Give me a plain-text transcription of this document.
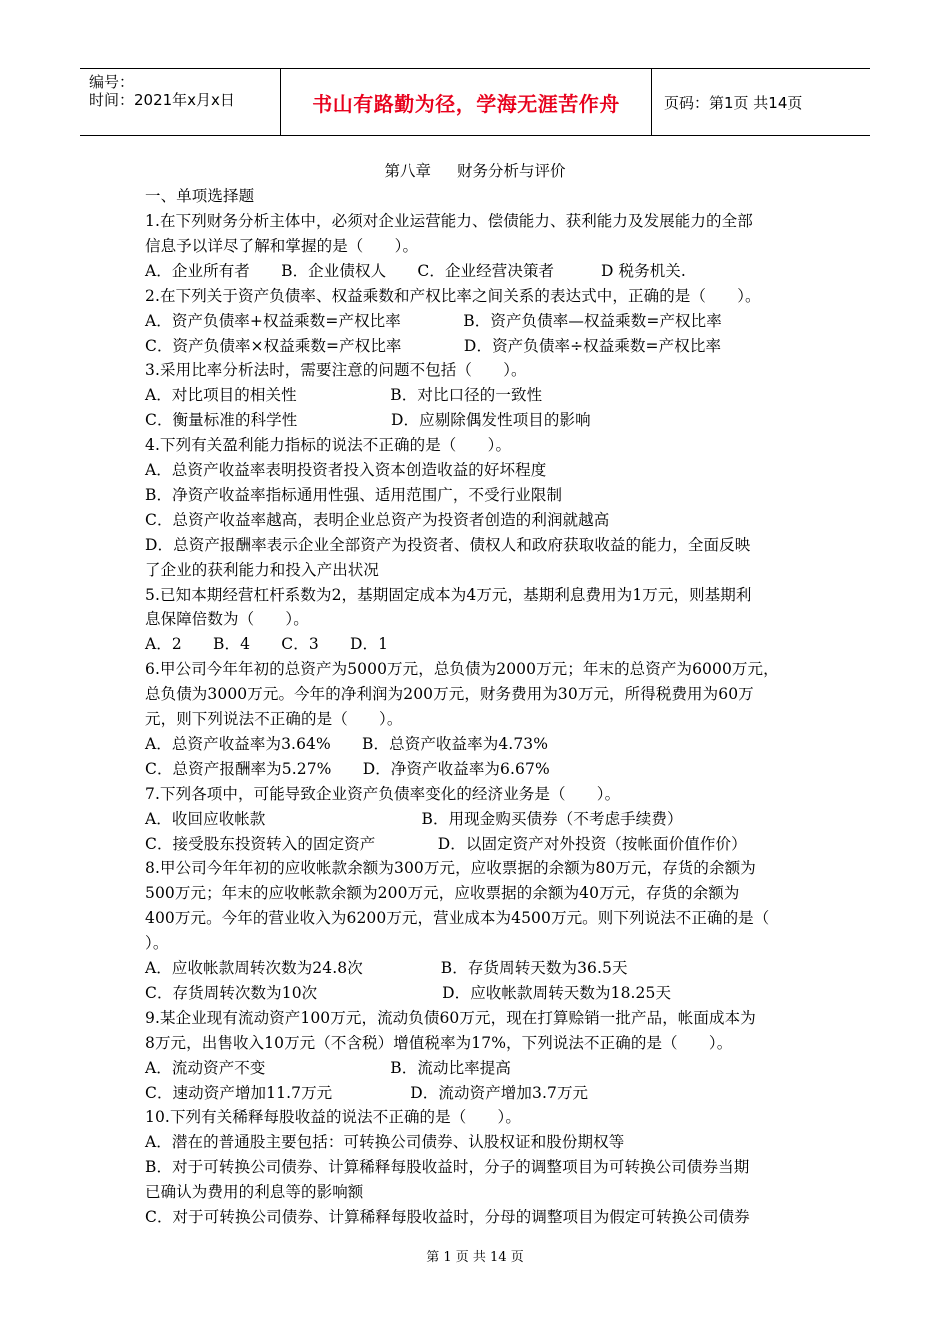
编号：
时间：2021年x月x日	书山有路勤为径，学海无涯苦作舟	页码：第1页 共14页
第八章 财务分析与评价
一、单项选择题
1.在下列财务分析主体中，必须对企业运营能力、偿债能力、获利能力及发展能力的全部
信息予以详尽了解和掌握的是（　　）。
A．企业所有者　　B．企业债权人　　C．企业经营决策者　　　D 税务机关.
2.在下列关于资产负债率、权益乘数和产权比率之间关系的表达式中，正确的是（　　）。
A．资产负债率+权益乘数=产权比率　　　　B．资产负债率—权益乘数=产权比率
C．资产负债率×权益乘数=产权比率　　　　D．资产负债率÷权益乘数=产权比率
3.采用比率分析法时，需要注意的问题不包括（　　）。
A．对比项目的相关性　　　　　　B．对比口径的一致性
C．衡量标准的科学性　　　　　　D．应剔除偶发性项目的影响
4.下列有关盈利能力指标的说法不正确的是（　　）。
A．总资产收益率表明投资者投入资本创造收益的好坏程度
B．净资产收益率指标通用性强、适用范围广，不受行业限制
C．总资产收益率越高，表明企业总资产为投资者创造的利润就越高
D．总资产报酬率表示企业全部资产为投资者、债权人和政府获取收益的能力，全面反映
了企业的获利能力和投入产出状况
5.已知本期经营杠杆系数为2，基期固定成本为4万元，基期利息费用为1万元，则基期利
息保障倍数为（　　）。
A．2　　B．4　　C．3　　D．1
6.甲公司今年年初的总资产为5000万元，总负债为2000万元；年末的总资产为6000万元，
总负债为3000万元。今年的净利润为200万元，财务费用为30万元，所得税费用为60万
元，则下列说法不正确的是（　　）。
A．总资产收益率为3.64%　　B．总资产收益率为4.73%
C．总资产报酬率为5.27%　　D．净资产收益率为6.67%
7.下列各项中，可能导致企业资产负债率变化的经济业务是（　　）。
A．收回应收帐款　　　　　　　　　　B．用现金购买债券（不考虑手续费）
C．接受股东投资转入的固定资产　　　　D．以固定资产对外投资（按帐面价值作价）
8.甲公司今年年初的应收帐款余额为300万元，应收票据的余额为80万元，存货的余额为
500万元；年末的应收帐款余额为200万元，应收票据的余额为40万元，存货的余额为
400万元。今年的营业收入为6200万元，营业成本为4500万元。则下列说法不正确的是（
）。
A．应收帐款周转次数为24.8次　　　　　B．存货周转天数为36.5天
C．存货周转次数为10次　　　　　　　　D．应收帐款周转天数为18.25天
9.某企业现有流动资产100万元，流动负债60万元，现在打算赊销一批产品，帐面成本为
8万元，出售收入10万元（不含税）增值税率为17%，下列说法不正确的是（　　）。
A．流动资产不变　　　　　　　　B．流动比率提高
C．速动资产增加11.7万元　　　　　D．流动资产增加3.7万元
10.下列有关稀释每股收益的说法不正确的是（　　）。
A．潜在的普通股主要包括：可转换公司债券、认股权证和股份期权等
B．对于可转换公司债券、计算稀释每股收益时，分子的调整项目为可转换公司债券当期
已确认为费用的利息等的影响额
C．对于可转换公司债券、计算稀释每股收益时，分母的调整项目为假定可转换公司债券
第 1 页 共 14 页
